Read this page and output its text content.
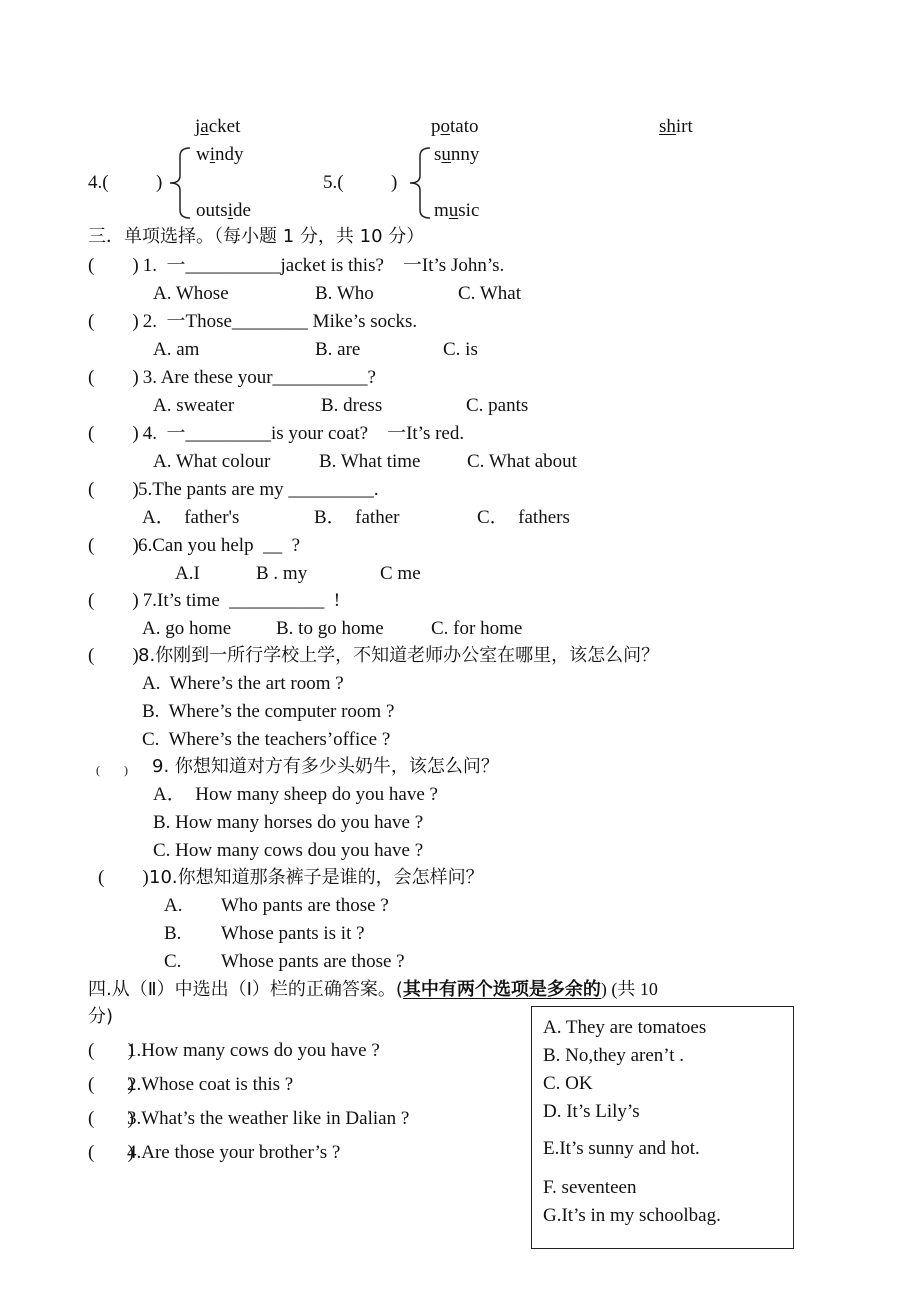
jacket	potato	shirt
4.( )
windy
outside
5.( )
sunny
music
三．单项选择。（每小题 1 分，共 10 分）
(        ) 1.  一__________jacket is this?    一It’s John’s.
A. Whose	B. Who	C. What
(        ) 2.  一Those________ Mike’s socks.
A. am	B. are	C. is
(        ) 3. Are these your__________?
A. sweater	B. dress	C. pants
(        ) 4.  一_________is your coat?    一It’s red.
A. What colour	B. What time C. What about
(        ) 5.The pants are my _________.
A．  father's	B．  father	C．  fathers
(        ) 6.Can you help  __  ?
A.I	B . my	C me
(        ) 7.It’s time  __________  !
A. go home B. to go home C. for home
(        ) 8.你刚到一所行学校上学，不知道老师办公室在哪里，该怎么问？
A.  Where’s the art room ?
B.  Where’s the computer room ?
C.  Where’s the teachers’office ?
(        ) 9. 你想知道对方有多少头奶牛，该怎么问？
A．  How many sheep do you have ?
B. How many horses do you have ?
C. How many cows dou you have ?
(        ) 10.你想知道那条裤子是谁的，会怎样问？
A. Who pants are those ?
B. Whose pants is it ?
C. Whose pants are those ?
四.从（Ⅱ）中选出（Ⅰ）栏的正确答案。(其中有两个选项是多余的) (共 10
分)
(       )
1.How many cows do you have ?
(       )
2.Whose coat is this ?
(       )
3.What’s the weather like in Dalian ?
(       )
4.Are those your brother’s ?
A. They are tomatoes
B. No,they aren’t .
C. OK
D. It’s Lily’s
E.It’s sunny and hot.
F. seventeen
G.It’s in my schoolbag.
